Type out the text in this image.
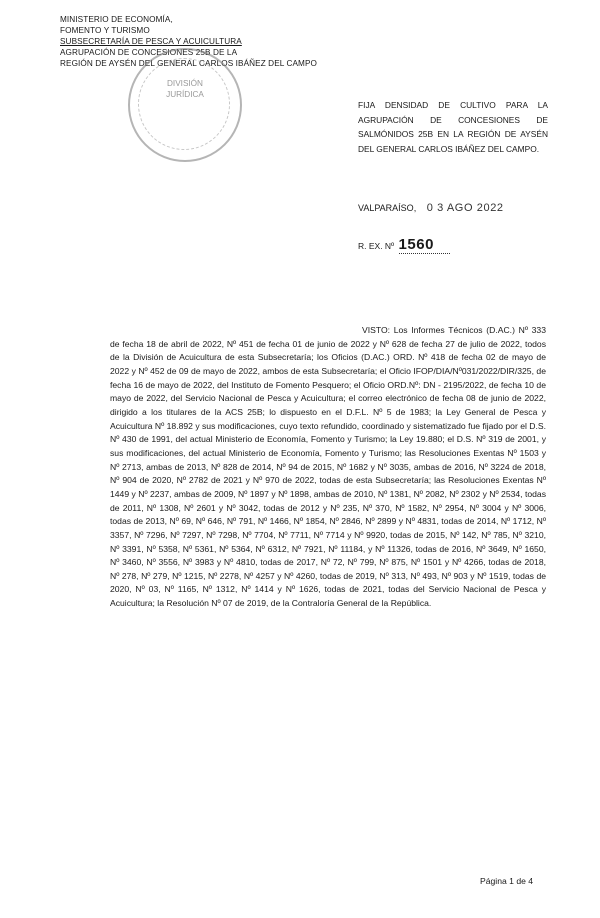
MINISTERIO DE ECONOMÍA,
FOMENTO Y TURISMO
SUBSECRETARÍA DE PESCA Y ACUICULTURA
AGRUPACIÓN DE CONCESIONES 25B DE LA
REGIÓN DE AYSÉN DEL GENERAL CARLOS IBÁÑEZ DEL CAMPO
DIVISIÓN
JURÍDICA
FIJA DENSIDAD DE CULTIVO PARA LA AGRUPACIÓN DE CONCESIONES DE SALMÓNIDOS 25B EN LA REGIÓN DE AYSÉN DEL GENERAL CARLOS IBÁÑEZ DEL CAMPO.
VALPARAÍSO, 0 3 AGO 2022
R. EX. Nº 1560
VISTO: Los Informes Técnicos (D.AC.) Nº 333 de fecha 18 de abril de 2022, Nº 451 de fecha 01 de junio de 2022 y Nº 628 de fecha 27 de julio de 2022, todos de la División de Acuicultura de esta Subsecretaría; los Oficios (D.AC.) ORD. Nº 418 de fecha 02 de mayo de 2022 y Nº 452 de 09 de mayo de 2022, ambos de esta Subsecretaría; el Oficio IFOP/DIA/Nº031/2022/DIR/325, de fecha 16 de mayo de 2022, del Instituto de Fomento Pesquero; el Oficio ORD.Nº: DN - 2195/2022, de fecha 10 de mayo de 2022, del Servicio Nacional de Pesca y Acuicultura; el correo electrónico de fecha 08 de junio de 2022, dirigido a los titulares de la ACS 25B; lo dispuesto en el D.F.L. Nº 5 de 1983; la Ley General de Pesca y Acuicultura Nº 18.892 y sus modificaciones, cuyo texto refundido, coordinado y sistematizado fue fijado por el D.S. Nº 430 de 1991, del actual Ministerio de Economía, Fomento y Turismo; la Ley 19.880; el D.S. Nº 319 de 2001, y sus modificaciones, del actual Ministerio de Economía, Fomento y Turismo; las Resoluciones Exentas Nº 1503 y Nº 2713, ambas de 2013, Nº 828 de 2014, Nº 94 de 2015, Nº 1682 y Nº 3035, ambas de 2016, Nº 3224 de 2018, Nº 904 de 2020, Nº 2782 de 2021 y Nº 970 de 2022, todas de esta Subsecretaría; las Resoluciones Exentas Nº 1449 y Nº 2237, ambas de 2009, Nº 1897 y Nº 1898, ambas de 2010, Nº 1381, Nº 2082, Nº 2302 y Nº 2534, todas de 2011, Nº 1308, Nº 2601 y Nº 3042, todas de 2012 y Nº 235, Nº 370, Nº 1582, Nº 2954, Nº 3004 y Nº 3006, todas de 2013, Nº 69, Nº 646, Nº 791, Nº 1466, Nº 1854, Nº 2846, Nº 2899 y Nº 4831, todas de 2014, Nº 1712, Nº 3357, Nº 7296, Nº 7297, Nº 7298, Nº 7704, Nº 7711, Nº 7714 y Nº 9920, todas de 2015, Nº 142, Nº 785, Nº 3210, Nº 3391, Nº 5358, Nº 5361, Nº 5364, Nº 6312, Nº 7921, Nº 11184, y Nº 11326, todas de 2016, Nº 3649, Nº 1650, Nº 3460, Nº 3556, Nº 3983 y Nº 4810, todas de 2017, Nº 72, Nº 799, Nº 875, Nº 1501 y Nº 4266, todas de 2018, Nº 278, Nº 279, Nº 1215, Nº 2278, Nº 4257 y Nº 4260, todas de 2019, Nº 313, Nº 493, Nº 903 y Nº 1519, todas de 2020, Nº 03, Nº 1165, Nº 1312, Nº 1414 y Nº 1626, todas de 2021, todas del Servicio Nacional de Pesca y Acuicultura; la Resolución Nº 07 de 2019, de la Contraloría General de la República.
Página 1 de 4
